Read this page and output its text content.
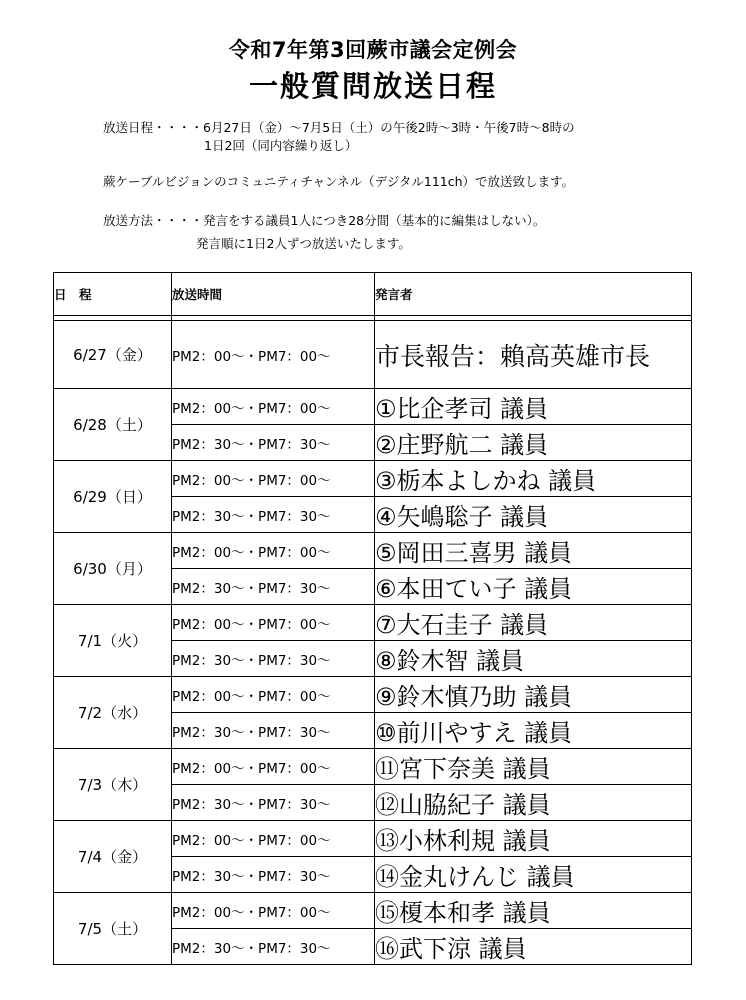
令和7年第3回蕨市議会定例会
一般質問放送日程
放送日程・・・・6月27日（金）～7月5日（土）の午後2時～3時・午後7時～8時の
1日2回（同内容繰り返し）
蕨ケーブルビジョンのコミュニティチャンネル（デジタル111ch）で放送致します。
放送方法・・・・発言をする議員1人につき28分間（基本的に編集はしない）。
発言順に1日2人ずつ放送いたします。
日　程	放送時間	発言者

6/27（金）	PM2：00～・PM7：00～	市長報告：賴高英雄市長
6/28（土）	PM2：00～・PM7：00～	①比企孝司 議員
	PM2：30～・PM7：30～	②庄野航二 議員
6/29（日）	PM2：00～・PM7：00～	③栃本よしかね 議員
	PM2：30～・PM7：30～	④矢嶋聡子 議員
6/30（月）	PM2：00～・PM7：00～	⑤岡田三喜男 議員
	PM2：30～・PM7：30～	⑥本田てい子 議員
7/1（火）	PM2：00～・PM7：00～	⑦大石圭子 議員
	PM2：30～・PM7：30～	⑧鈴木智 議員
7/2（水）	PM2：00～・PM7：00～	⑨鈴木慎乃助 議員
	PM2：30～・PM7：30～	⑩前川やすえ 議員
7/3（木）	PM2：00～・PM7：00～	⑪宮下奈美 議員
	PM2：30～・PM7：30～	⑫山脇紀子 議員
7/4（金）	PM2：00～・PM7：00～	⑬小林利規 議員
	PM2：30～・PM7：30～	⑭金丸けんじ 議員
7/5（土）	PM2：00～・PM7：00～	⑮榎本和孝 議員
	PM2：30～・PM7：30～	⑯武下涼 議員
